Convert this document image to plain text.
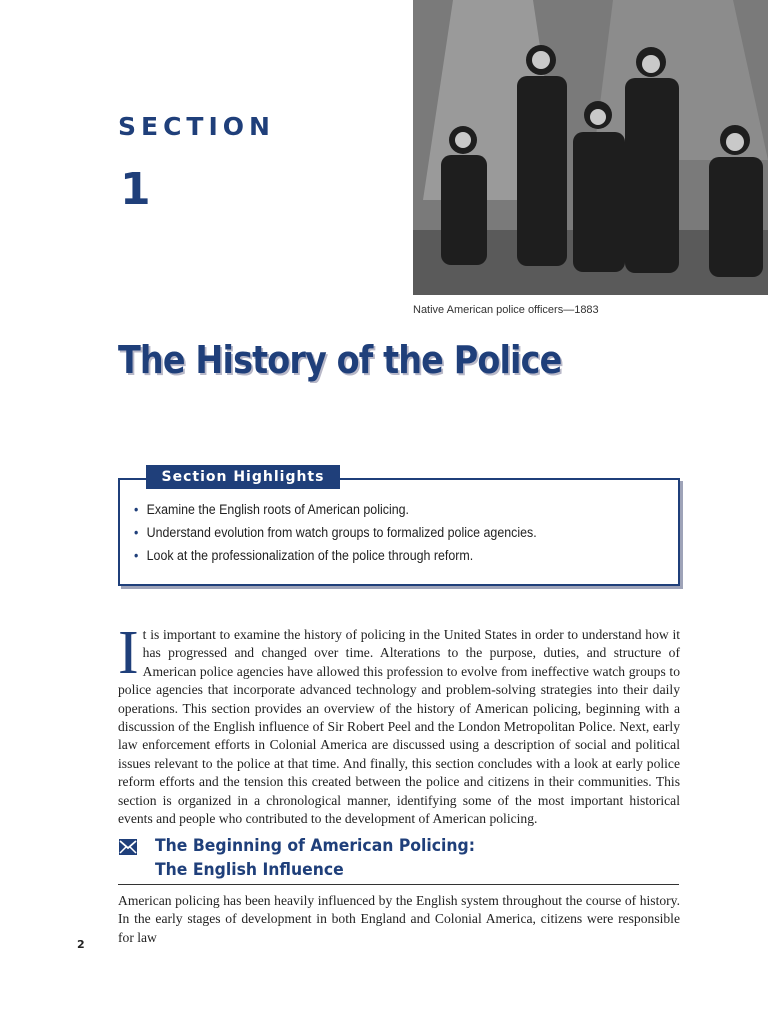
SECTION
1
Native American police officers—1883
The History of the Police
• Examine the English roots of American policing.
• Understand evolution from watch groups to formalized police agencies.
• Look at the professionalization of the police through reform.
Section Highlights

It is important to examine the history of policing in the United States in order to understand how it has progressed and changed over time. Alterations to the purpose, duties, and structure of American police agencies have allowed this profession to evolve from ineffective watch groups to police agencies that incorporate advanced technology and problem-solving strategies into their daily operations. This section provides an overview of the history of American policing, beginning with a discussion of the English influence of Sir Robert Peel and the London Metropolitan Police. Next, early law enforcement efforts in Colonial America are discussed using a description of social and political issues relevant to the police at that time. And finally, this section concludes with a look at early police reform efforts and the tension this created between the police and citizens in their communities. This section is organized in a chronological manner, identifying some of the most important historical events and people who contributed to the development of American policing.

The Beginning of American Policing:
The English Influence

American policing has been heavily influenced by the English system throughout the course of history. In the early stages of development in both England and Colonial America, citizens were responsible for law

2
